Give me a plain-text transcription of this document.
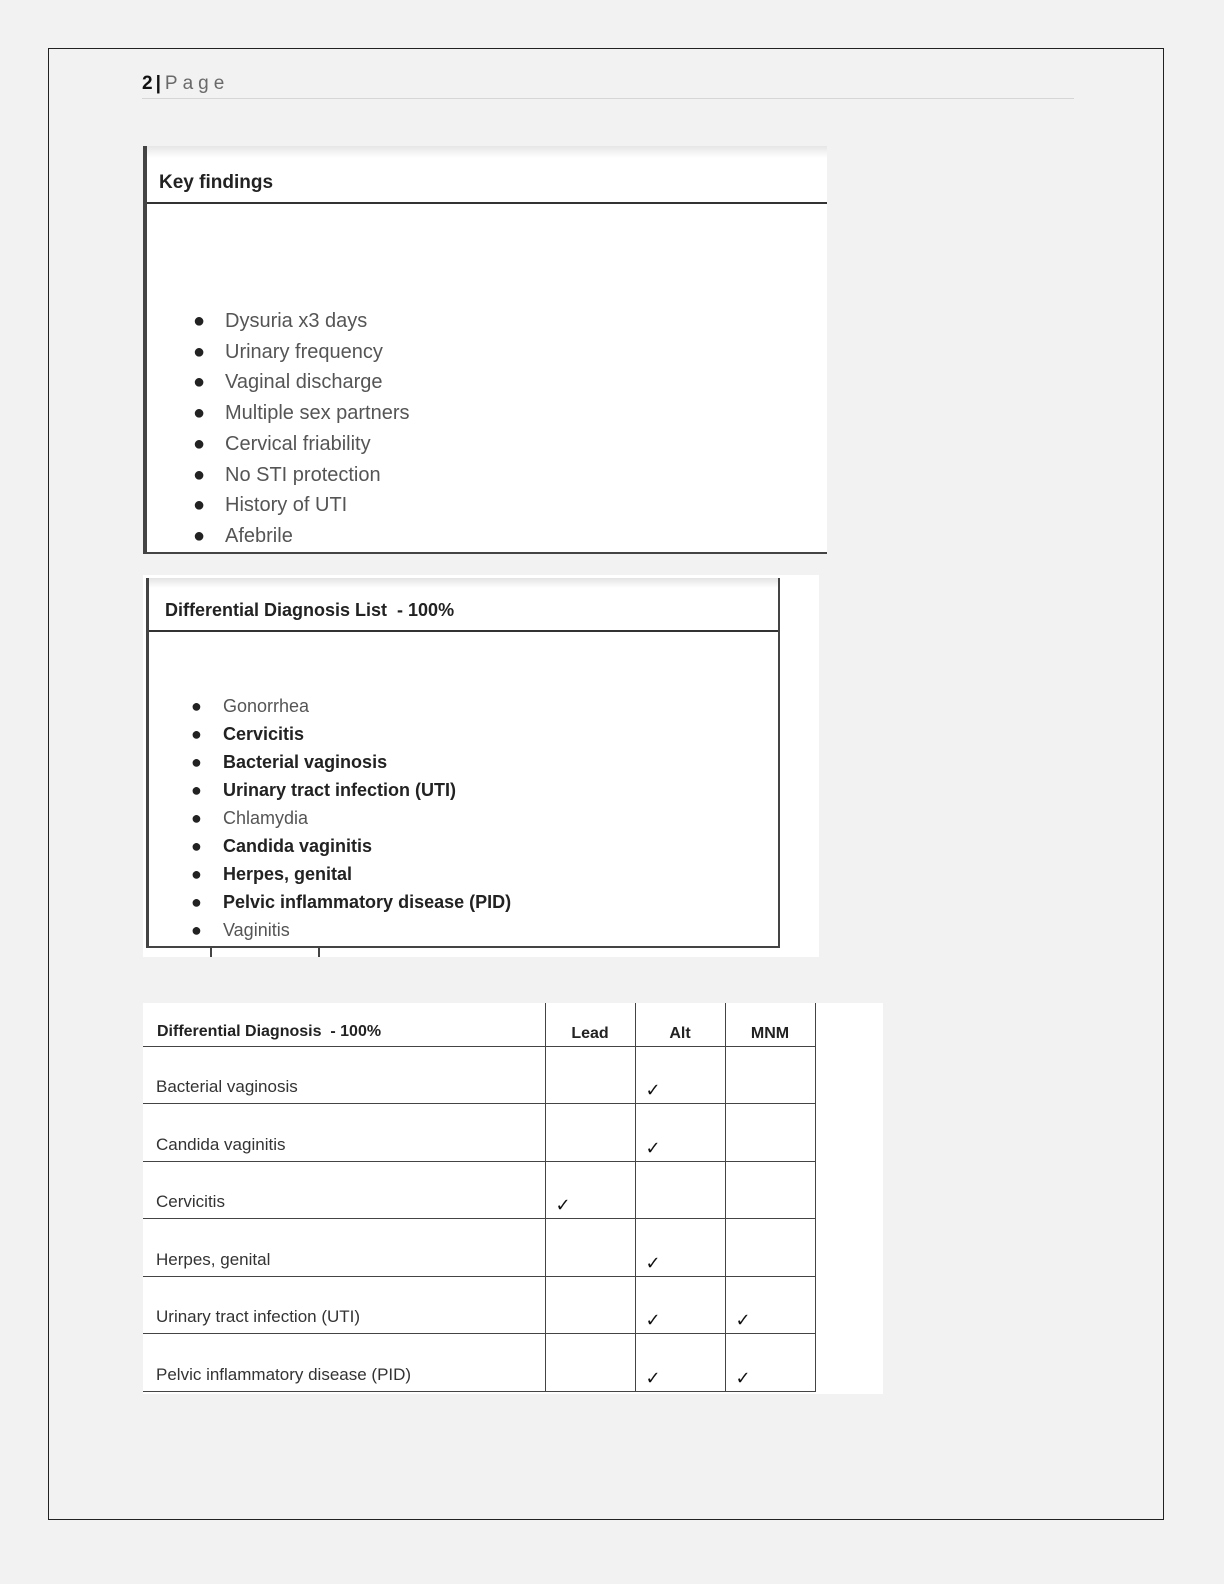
2 | Page
Key findings
● Dysuria x3 days
● Urinary frequency
● Vaginal discharge
● Multiple sex partners
● Cervical friability
● No STI protection
● History of UTI
● Afebrile
Differential Diagnosis List  - 100%
● Gonorrhea
● Cervicitis
● Bacterial vaginosis
● Urinary tract infection (UTI)
● Chlamydia
● Candida vaginitis
● Herpes, genital
● Pelvic inflammatory disease (PID)
● Vaginitis
Differential Diagnosis  - 100%	Lead	Alt	MNM
Bacterial vaginosis		✓	
Candida vaginitis		✓	
Cervicitis	✓		
Herpes, genital		✓	
Urinary tract infection (UTI)		✓	✓
Pelvic inflammatory disease (PID)		✓	✓
